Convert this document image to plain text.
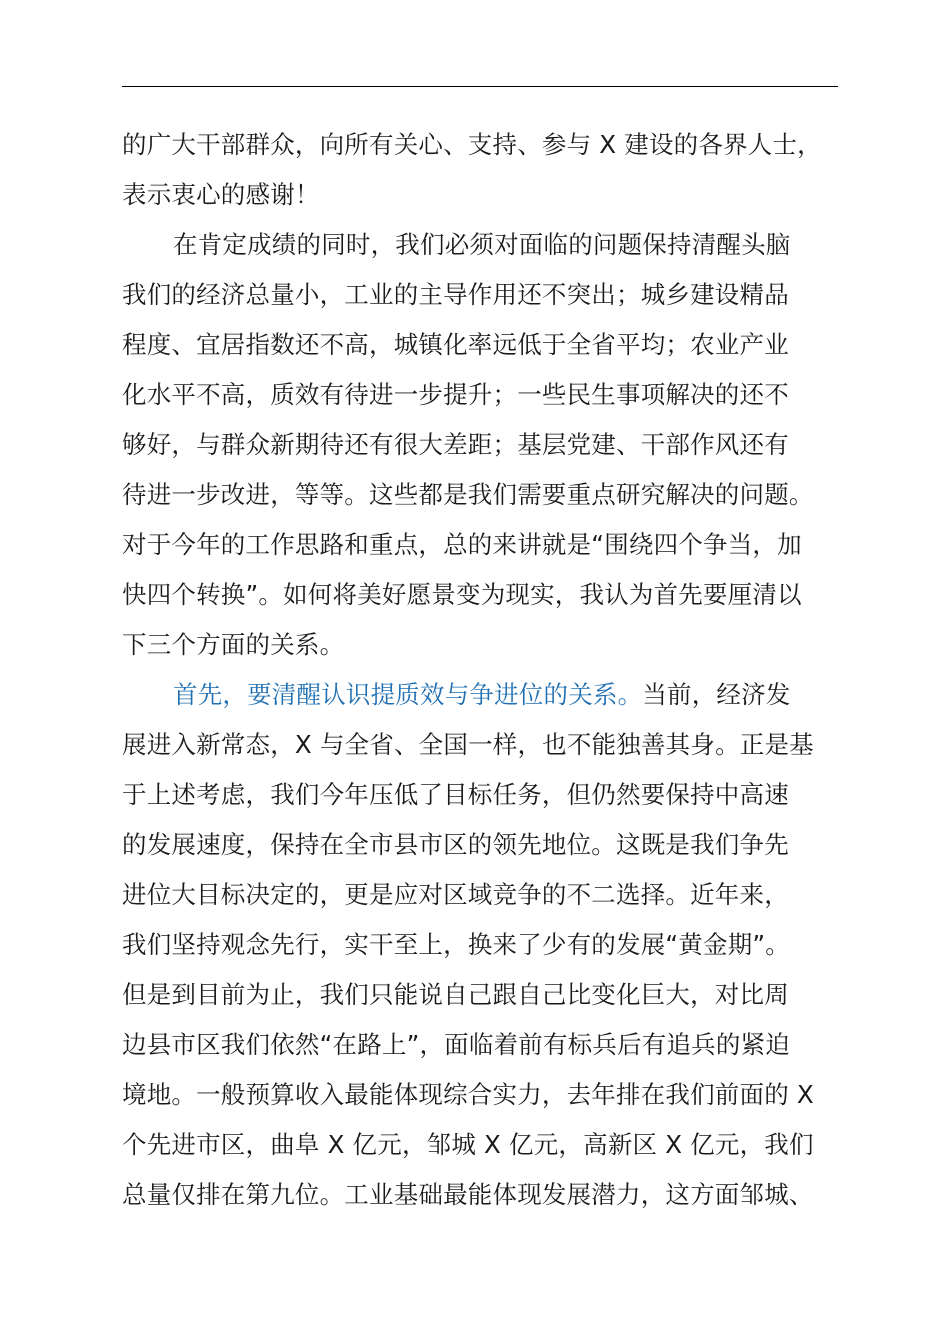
的广大干部群众，向所有关心、支持、参与 X 建设的各界人士，
表示衷心的感谢！
在肯定成绩的同时，我们必须对面临的问题保持清醒头脑
我们的经济总量小，工业的主导作用还不突出；城乡建设精品
程度、宜居指数还不高，城镇化率远低于全省平均；农业产业
化水平不高，质效有待进一步提升；一些民生事项解决的还不
够好，与群众新期待还有很大差距；基层党建、干部作风还有
待进一步改进，等等。这些都是我们需要重点研究解决的问题。
对于今年的工作思路和重点，总的来讲就是“围绕四个争当，加
快四个转换”。如何将美好愿景变为现实，我认为首先要厘清以
下三个方面的关系。
首先，要清醒认识提质效与争进位的关系。当前，经济发
展进入新常态，X 与全省、全国一样，也不能独善其身。正是基
于上述考虑，我们今年压低了目标任务，但仍然要保持中高速
的发展速度，保持在全市县市区的领先地位。这既是我们争先
进位大目标决定的，更是应对区域竞争的不二选择。近年来，
我们坚持观念先行，实干至上，换来了少有的发展“黄金期”。
但是到目前为止，我们只能说自己跟自己比变化巨大，对比周
边县市区我们依然“在路上”，面临着前有标兵后有追兵的紧迫
境地。一般预算收入最能体现综合实力，去年排在我们前面的 X
个先进市区，曲阜 X 亿元，邹城 X 亿元，高新区 X 亿元，我们
总量仅排在第九位。工业基础最能体现发展潜力，这方面邹城、
